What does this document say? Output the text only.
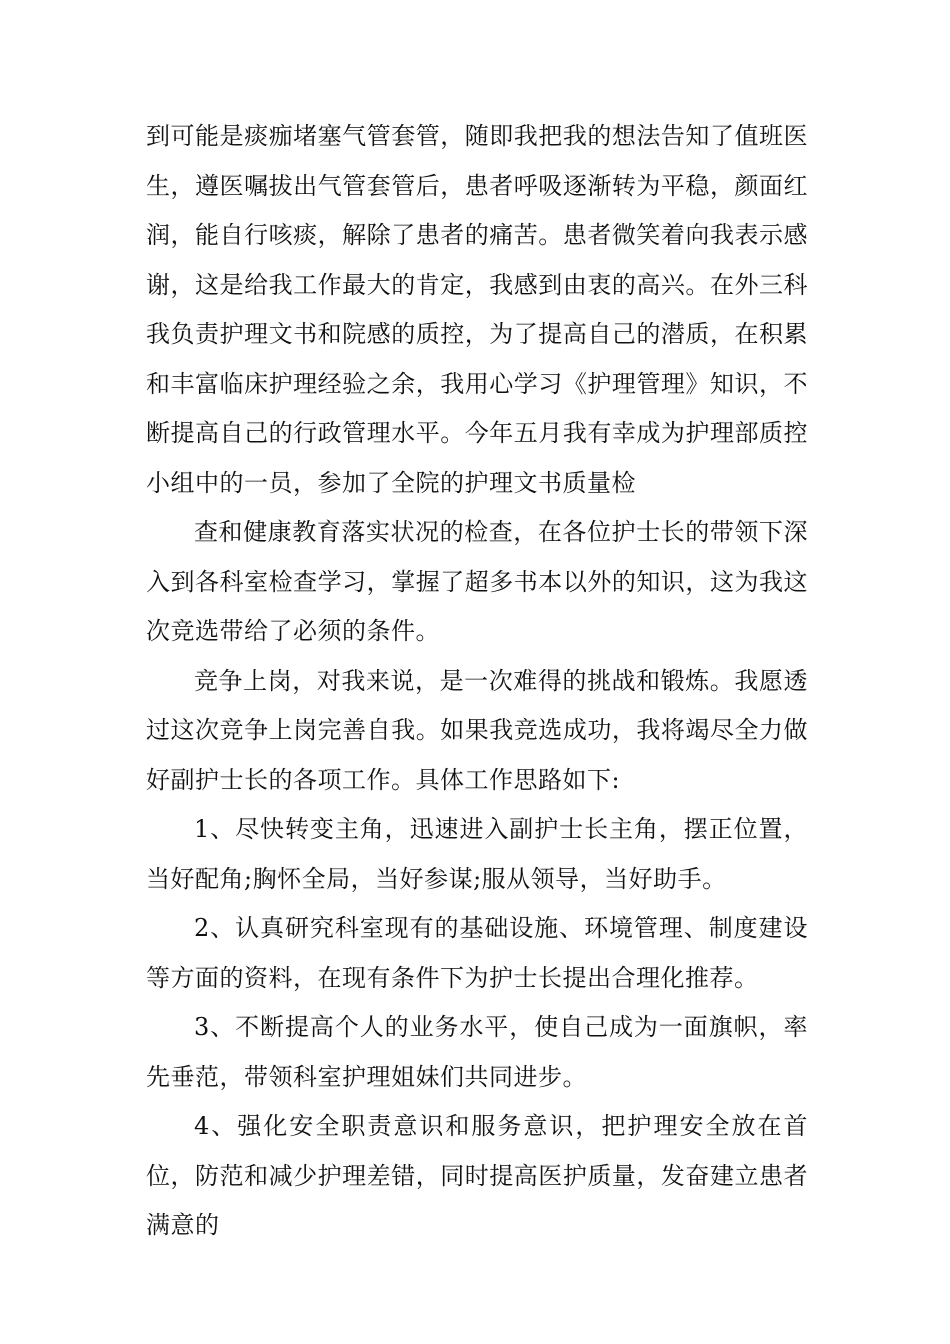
到可能是痰痂堵塞气管套管，随即我把我的想法告知了值班医生，遵医嘱拔出气管套管后，患者呼吸逐渐转为平稳，颜面红润，能自行咳痰，解除了患者的痛苦。患者微笑着向我表示感谢，这是给我工作最大的肯定，我感到由衷的高兴。在外三科我负责护理文书和院感的质控，为了提高自己的潜质，在积累和丰富临床护理经验之余，我用心学习《护理管理》知识，不断提高自己的行政管理水平。今年五月我有幸成为护理部质控小组中的一员，参加了全院的护理文书质量检

查和健康教育落实状况的检查，在各位护士长的带领下深入到各科室检查学习，掌握了超多书本以外的知识，这为我这次竞选带给了必须的条件。

竞争上岗，对我来说，是一次难得的挑战和锻炼。我愿透过这次竞争上岗完善自我。如果我竞选成功，我将竭尽全力做好副护士长的各项工作。具体工作思路如下:

1、尽快转变主角，迅速进入副护士长主角，摆正位置，当好配角;胸怀全局，当好参谋;服从领导，当好助手。

2、认真研究科室现有的基础设施、环境管理、制度建设等方面的资料，在现有条件下为护士长提出合理化推荐。

3、不断提高个人的业务水平，使自己成为一面旗帜，率先垂范，带领科室护理姐妹们共同进步。

4、强化安全职责意识和服务意识，把护理安全放在首位，防范和减少护理差错，同时提高医护质量，发奋建立患者满意的
